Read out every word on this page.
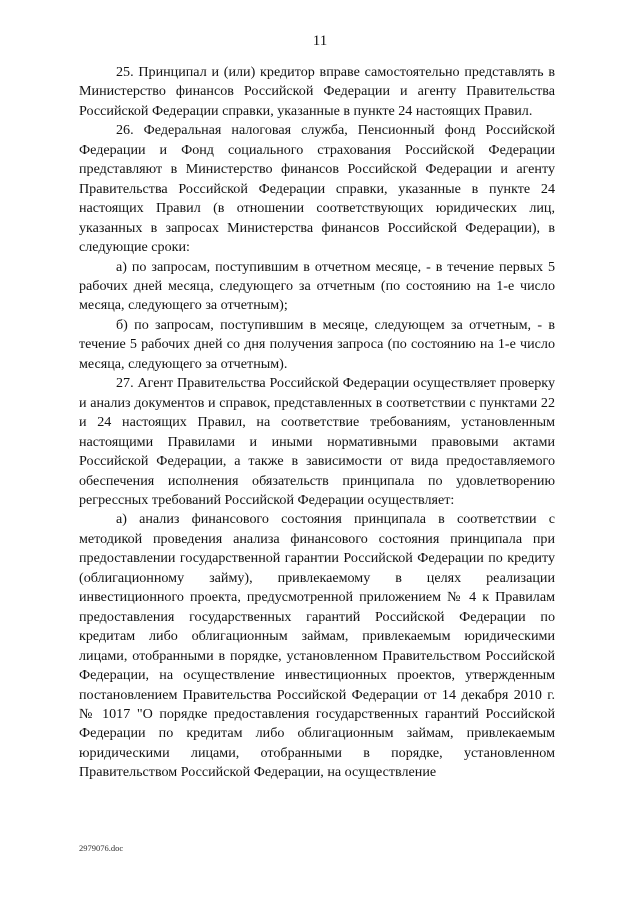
11

25. Принципал и (или) кредитор вправе самостоятельно представлять в Министерство финансов Российской Федерации и агенту Правительства Российской Федерации справки, указанные в пункте 24 настоящих Правил.

26. Федеральная налоговая служба, Пенсионный фонд Российской Федерации и Фонд социального страхования Российской Федерации представляют в Министерство финансов Российской Федерации и агенту Правительства Российской Федерации справки, указанные в пункте 24 настоящих Правил (в отношении соответствующих юридических лиц, указанных в запросах Министерства финансов Российской Федерации), в следующие сроки:

а) по запросам, поступившим в отчетном месяце, - в течение первых 5 рабочих дней месяца, следующего за отчетным (по состоянию на 1-е число месяца, следующего за отчетным);

б) по запросам, поступившим в месяце, следующем за отчетным, - в течение 5 рабочих дней со дня получения запроса (по состоянию на 1-е число месяца, следующего за отчетным).

27. Агент Правительства Российской Федерации осуществляет проверку и анализ документов и справок, представленных в соответствии с пунктами 22 и 24 настоящих Правил, на соответствие требованиям, установленным настоящими Правилами и иными нормативными правовыми актами Российской Федерации, а также в зависимости от вида предоставляемого обеспечения исполнения обязательств принципала по удовлетворению регрессных требований Российской Федерации осуществляет:

а) анализ финансового состояния принципала в соответствии с методикой проведения анализа финансового состояния принципала при предоставлении государственной гарантии Российской Федерации по кредиту (облигационному займу), привлекаемому в целях реализации инвестиционного проекта, предусмотренной приложением № 4 к Правилам предоставления государственных гарантий Российской Федерации по кредитам либо облигационным займам, привлекаемым юридическими лицами, отобранными в порядке, установленном Правительством Российской Федерации, на осуществление инвестиционных проектов, утвержденным постановлением Правительства Российской Федерации от 14 декабря 2010 г. № 1017 "О порядке предоставления государственных гарантий Российской Федерации по кредитам либо облигационным займам, привлекаемым юридическими лицами, отобранными в порядке, установленном Правительством Российской Федерации, на осуществление

2979076.doc
